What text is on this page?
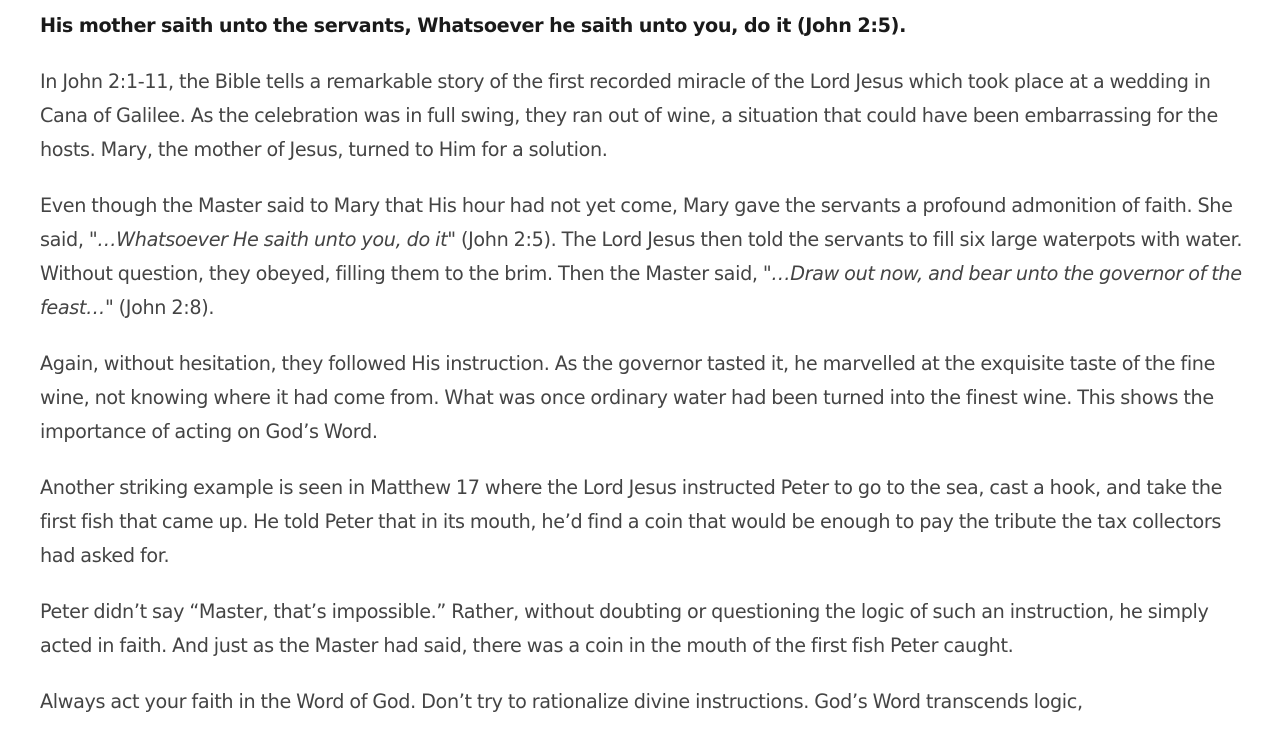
His mother saith unto the servants, Whatsoever he saith unto you, do it (John 2:5).

In John 2:1-11, the Bible tells a remarkable story of the first recorded miracle of the Lord Jesus which took place at a wedding in Cana of Galilee. As the celebration was in full swing, they ran out of wine, a situation that could have been embarrassing for the hosts. Mary, the mother of Jesus, turned to Him for a solution.

Even though the Master said to Mary that His hour had not yet come, Mary gave the servants a profound admonition of faith. She said, "…Whatsoever He saith unto you, do it" (John 2:5). The Lord Jesus then told the servants to fill six large waterpots with water. Without question, they obeyed, filling them to the brim. Then the Master said, "…Draw out now, and bear unto the governor of the feast…" (John 2:8).

Again, without hesitation, they followed His instruction. As the governor tasted it, he marvelled at the exquisite taste of the fine wine, not knowing where it had come from. What was once ordinary water had been turned into the finest wine. This shows the importance of acting on God’s Word.

Another striking example is seen in Matthew 17 where the Lord Jesus instructed Peter to go to the sea, cast a hook, and take the first fish that came up. He told Peter that in its mouth, he’d find a coin that would be enough to pay the tribute the tax collectors had asked for.

Peter didn’t say “Master, that’s impossible.” Rather, without doubting or questioning the logic of such an instruction, he simply acted in faith. And just as the Master had said, there was a coin in the mouth of the first fish Peter caught.

Always act your faith in the Word of God. Don’t try to rationalize divine instructions. God’s Word transcends logic,
